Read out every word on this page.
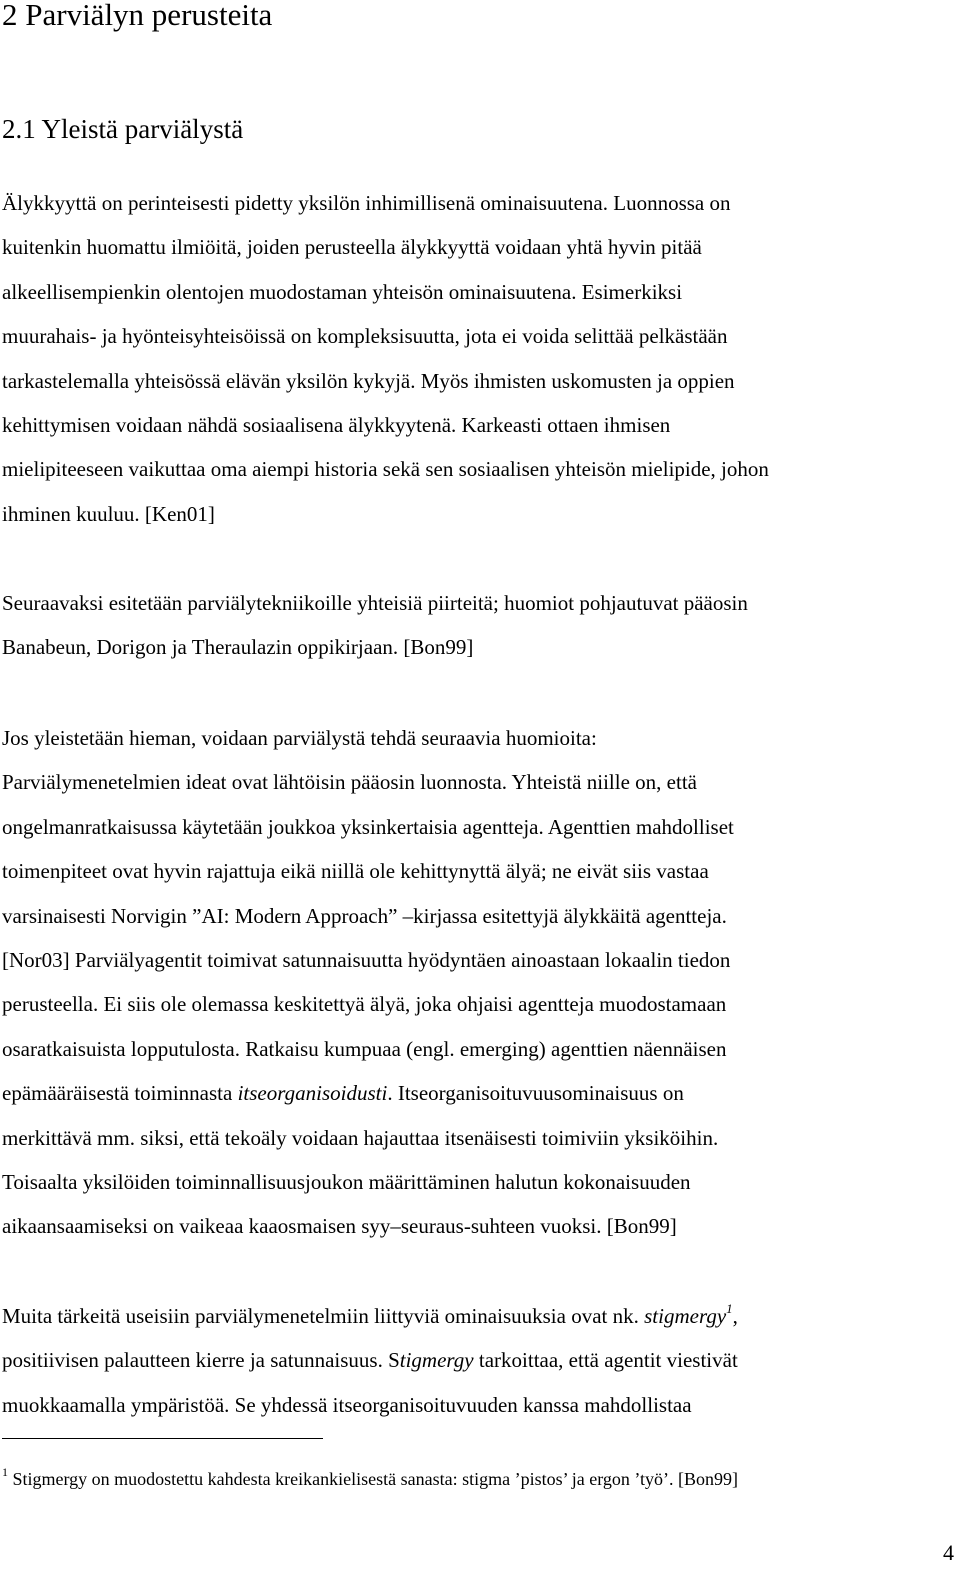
2 Parviälyn perusteita
2.1 Yleistä parviälystä

Älykkyyttä on perinteisesti pidetty yksilön inhimillisenä ominaisuutena. Luonnossa on
kuitenkin huomattu ilmiöitä, joiden perusteella älykkyyttä voidaan yhtä hyvin pitää
alkeellisempienkin olentojen muodostaman yhteisön ominaisuutena. Esimerkiksi
muurahais- ja hyönteisyhteisöissä on kompleksisuutta, jota ei voida selittää pelkästään
tarkastelemalla yhteisössä elävän yksilön kykyjä. Myös ihmisten uskomusten ja oppien
kehittymisen voidaan nähdä sosiaalisena älykkyytenä. Karkeasti ottaen ihmisen
mielipiteeseen vaikuttaa oma aiempi historia sekä sen sosiaalisen yhteisön mielipide, johon
ihminen kuuluu. [Ken01]

Seuraavaksi esitetään parviälytekniikoille yhteisiä piirteitä; huomiot pohjautuvat pääosin
Banabeun, Dorigon ja Theraulazin oppikirjaan. [Bon99]

Jos yleistetään hieman, voidaan parviälystä tehdä seuraavia huomioita:
Parviälymenetelmien ideat ovat lähtöisin pääosin luonnosta. Yhteistä niille on, että
ongelmanratkaisussa käytetään joukkoa yksinkertaisia agentteja. Agenttien mahdolliset
toimenpiteet ovat hyvin rajattuja eikä niillä ole kehittynyttä älyä; ne eivät siis vastaa
varsinaisesti Norvigin ”AI: Modern Approach” –kirjassa esitettyjä älykkäitä agentteja.
[Nor03] Parviälyagentit toimivat satunnaisuutta hyödyntäen ainoastaan lokaalin tiedon
perusteella. Ei siis ole olemassa keskitettyä älyä, joka ohjaisi agentteja muodostamaan
osaratkaisuista lopputulosta. Ratkaisu kumpuaa (engl. emerging) agenttien näennäisen
epämääräisestä toiminnasta itseorganisoidusti. Itseorganisoituvuusominaisuus on
merkittävä mm. siksi, että tekoäly voidaan hajauttaa itsenäisesti toimiviin yksiköihin.
Toisaalta yksilöiden toiminnallisuusjoukon määrittäminen halutun kokonaisuuden
aikaansaamiseksi on vaikeaa kaaosmaisen syy–seuraus-suhteen vuoksi. [Bon99]

Muita tärkeitä useisiin parviälymenetelmiin liittyviä ominaisuuksia ovat nk. stigmergy$^1$,
positiivisen palautteen kierre ja satunnaisuus. Stigmergy tarkoittaa, että agentit viestivät
muokkaamalla ympäristöä. Se yhdessä itseorganisoituvuuden kanssa mahdollistaa

$^1$ Stigmergy on muodostettu kahdesta kreikankielisestä sanasta: stigma ’pistos’ ja ergon ’työ’. [Bon99]

4
